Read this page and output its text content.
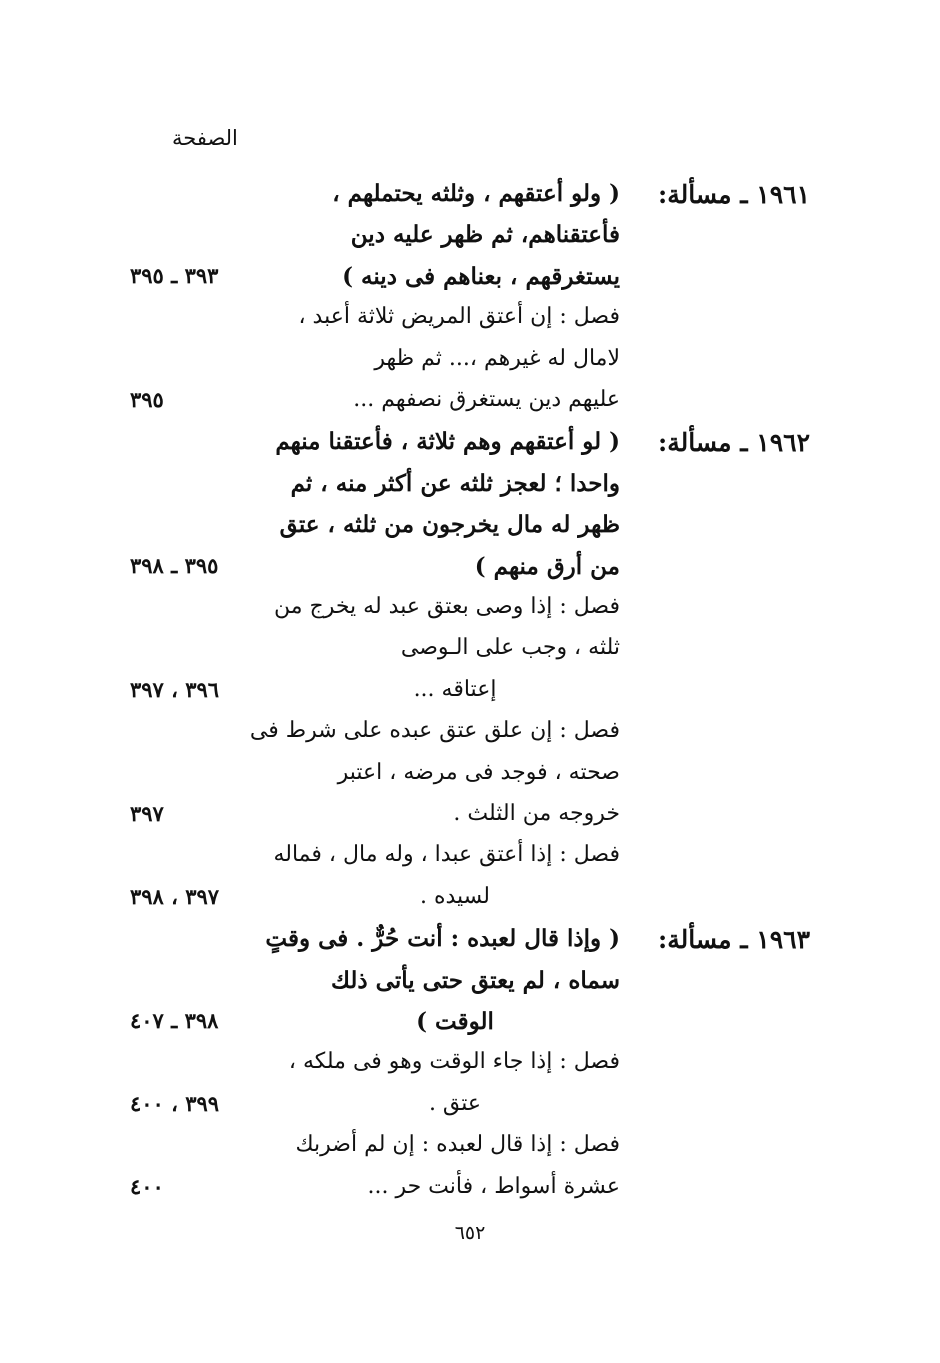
الصفحة
١٩٦١ ـ مسألة:
( ولو أعتقهم ، وثلثه يحتملهم ،
فأعتقناهم، ثم ظهر عليه دين
يستغرقهم ، بعناهم فى دينه )
٣٩٣ ـ ٣٩٥
فصل : إن أعتق المريض ثلاثة أعبد ،
لامال له غيرهم ،... ثم ظهر
عليهم دين يستغرق نصفهم ...
٣٩٥
١٩٦٢ ـ مسألة:
( لو أعتقهم وهم ثلاثة ، فأعتقنا منهم
واحدا ؛ لعجز ثلثه عن أكثر منه ، ثم
ظهر له مال يخرجون من ثلثه ، عتق
من أرق منهم )
٣٩٥ ـ ٣٩٨
فصل : إذا وصى بعتق عبد له يخرج من
ثلثه ، وجب على الـوصى
إعتاقه ...
٣٩٦ ، ٣٩٧
فصل : إن علق عتق عبده على شرط فى
صحته ، فوجد فى مرضه ، اعتبر
خروجه من الثلث .
٣٩٧
فصل : إذا أعتق عبدا ، وله مال ، فماله
لسيده .
٣٩٧ ، ٣٩٨
١٩٦٣ ـ مسألة:
( وإذا قال لعبده : أنت حُرٌّ . فى وقتٍ
سماه ، لم يعتق حتى يأتى ذلك
الوقت )
٣٩٨ ـ ٤٠٧
فصل : إذا جاء الوقت وهو فى ملكه ،
عتق .
٣٩٩ ، ٤٠٠
فصل : إذا قال لعبده : إن لم أضربك
عشرة أسواط ، فأنت حر ...
٤٠٠
٦٥٢
